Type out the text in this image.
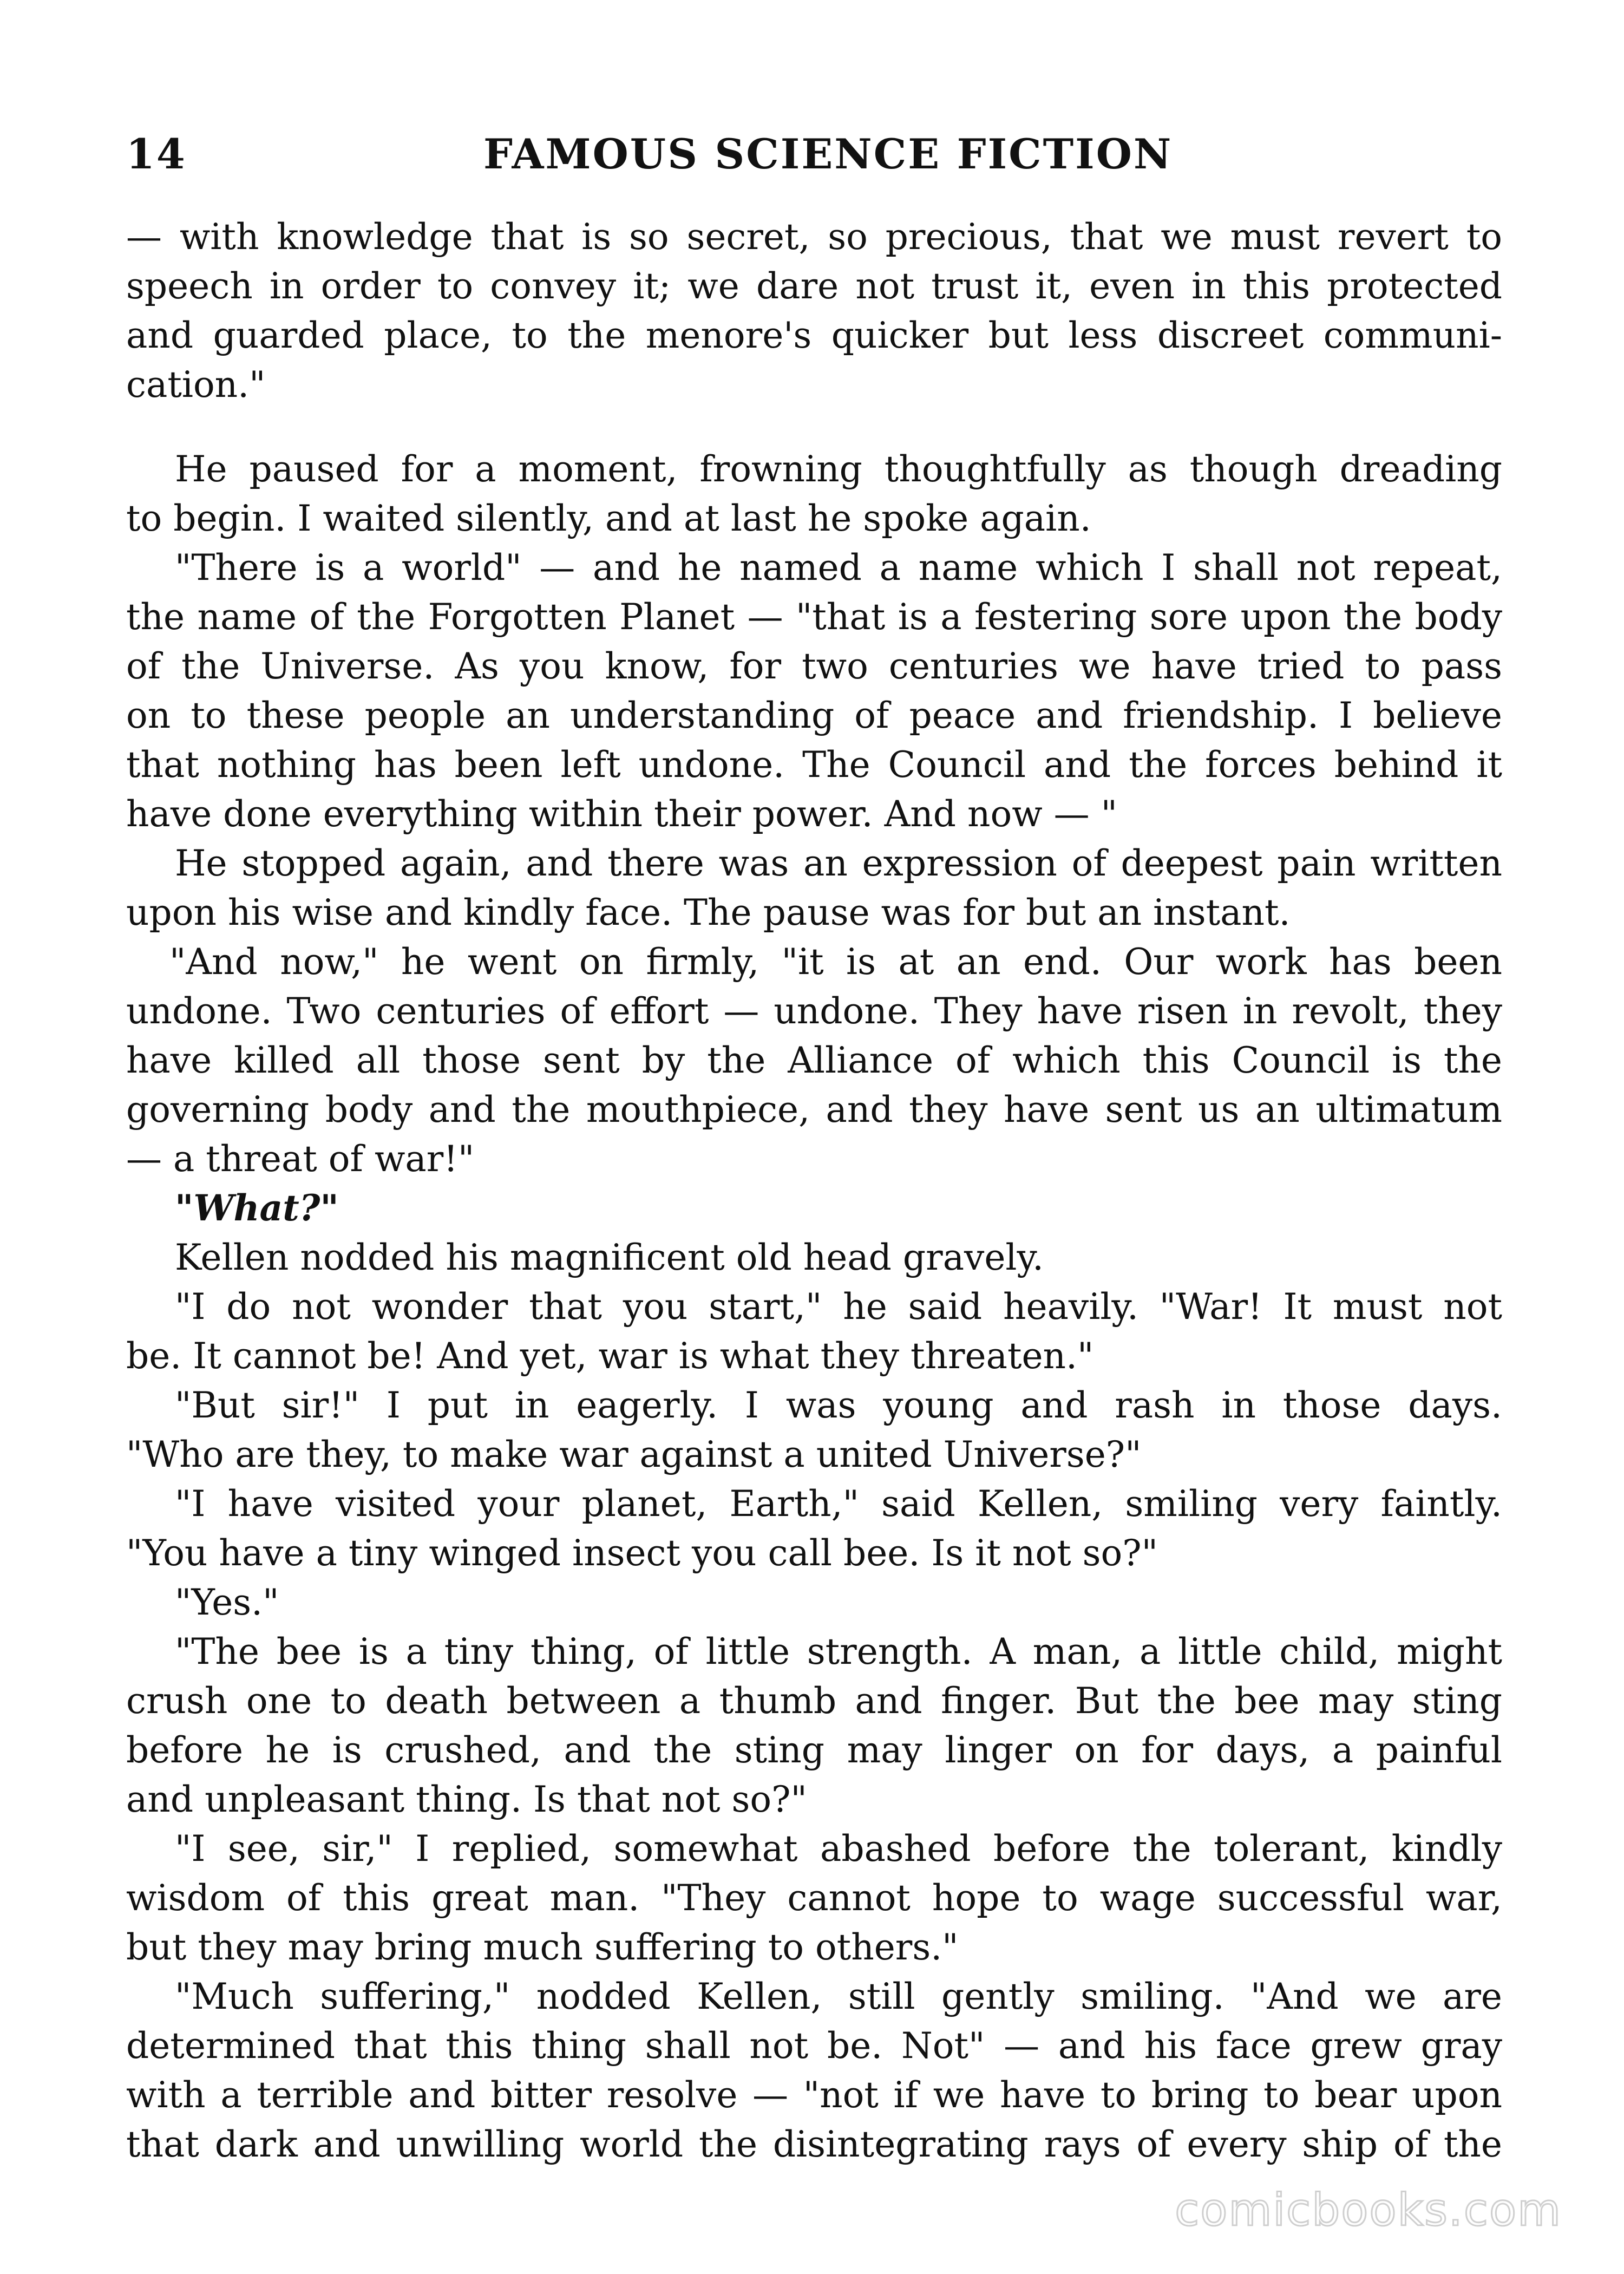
14	FAMOUS SCIENCE FICTION
— with knowledge that is so secret, so precious, that we must revert to
speech in order to convey it; we dare not trust it, even in this protected
and guarded place, to the menore's quicker but less discreet communi-
cation."
He paused for a moment, frowning thoughtfully as though dreading
to begin. I waited silently, and at last he spoke again.
"There is a world" — and he named a name which I shall not repeat,
the name of the Forgotten Planet — "that is a festering sore upon the body
of the Universe. As you know, for two centuries we have tried to pass
on to these people an understanding of peace and friendship. I believe
that nothing has been left undone. The Council and the forces behind it
have done everything within their power. And now — "
He stopped again, and there was an expression of deepest pain written
upon his wise and kindly face. The pause was for but an instant.
"And now," he went on firmly, "it is at an end. Our work has been
undone. Two centuries of effort — undone. They have risen in revolt, they
have killed all those sent by the Alliance of which this Council is the
governing body and the mouthpiece, and they have sent us an ultimatum
— a threat of war!"
"What?"
Kellen nodded his magnificent old head gravely.
"I do not wonder that you start," he said heavily. "War! It must not
be. It cannot be! And yet, war is what they threaten."
"But sir!" I put in eagerly. I was young and rash in those days.
"Who are they, to make war against a united Universe?"
"I have visited your planet, Earth," said Kellen, smiling very faintly.
"You have a tiny winged insect you call bee. Is it not so?"
"Yes."
"The bee is a tiny thing, of little strength. A man, a little child, might
crush one to death between a thumb and finger. But the bee may sting
before he is crushed, and the sting may linger on for days, a painful
and unpleasant thing. Is that not so?"
"I see, sir," I replied, somewhat abashed before the tolerant, kindly
wisdom of this great man. "They cannot hope to wage successful war,
but they may bring much suffering to others."
"Much suffering," nodded Kellen, still gently smiling. "And we are
determined that this thing shall not be. Not" — and his face grew gray
with a terrible and bitter resolve — "not if we have to bring to bear upon
that dark and unwilling world the disintegrating rays of every ship of the
comicbooks.com
